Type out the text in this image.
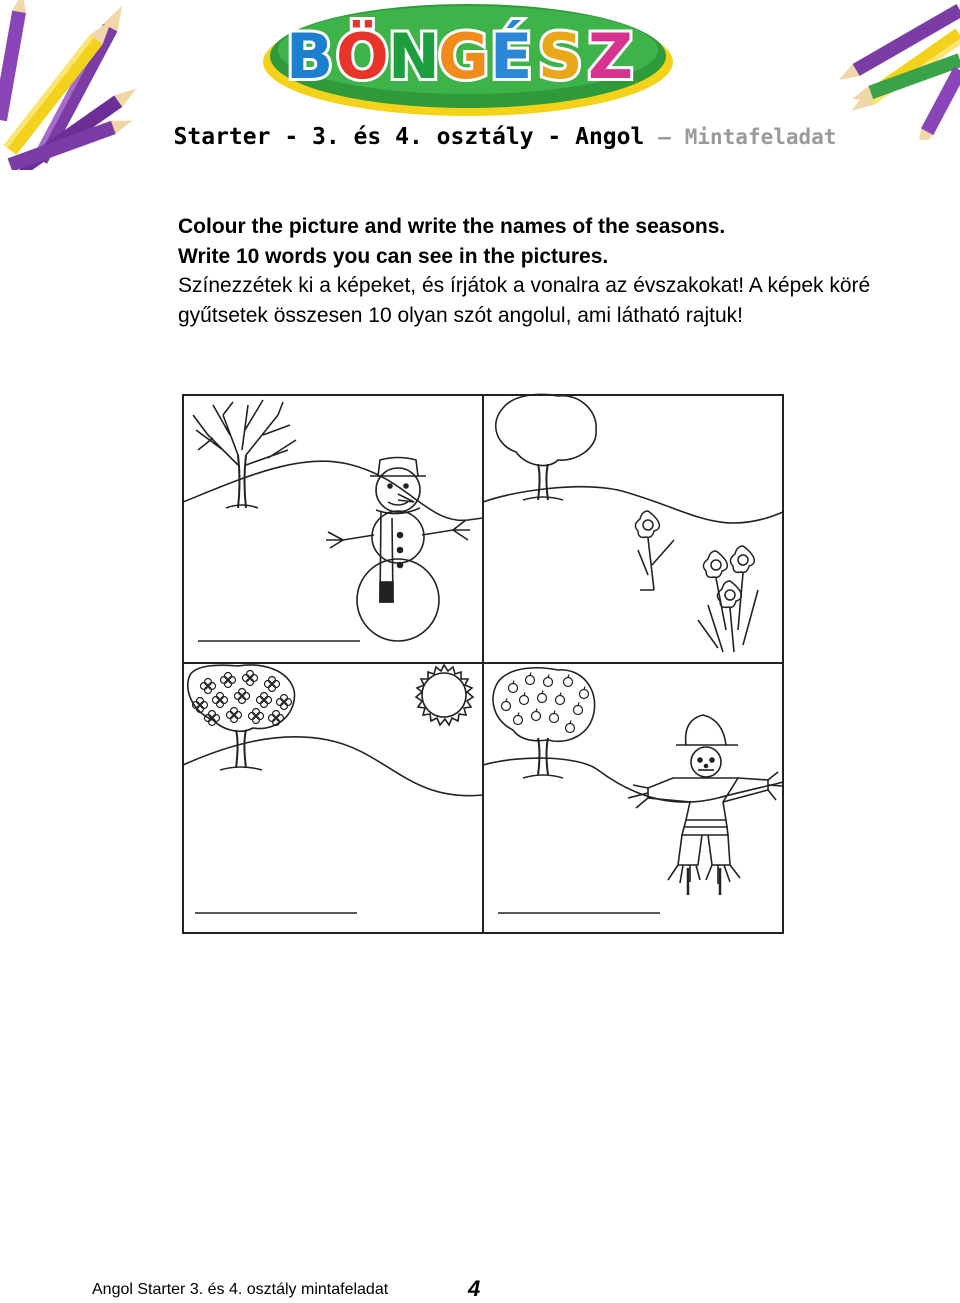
B Ö N
G É S Z
Starter - 3. és 4. osztály - Angol – Mintafeladat

Colour the picture and write the names of the seasons.

Write 10 words you can see in the pictures.

Színezzétek ki a képeket, és írjátok a vonalra az évszakokat! A képek köré gyűtsetek összesen 10 olyan szót angolul, ami látható rajtuk!

Angol Starter 3. és 4. osztály mintafeladat	4
